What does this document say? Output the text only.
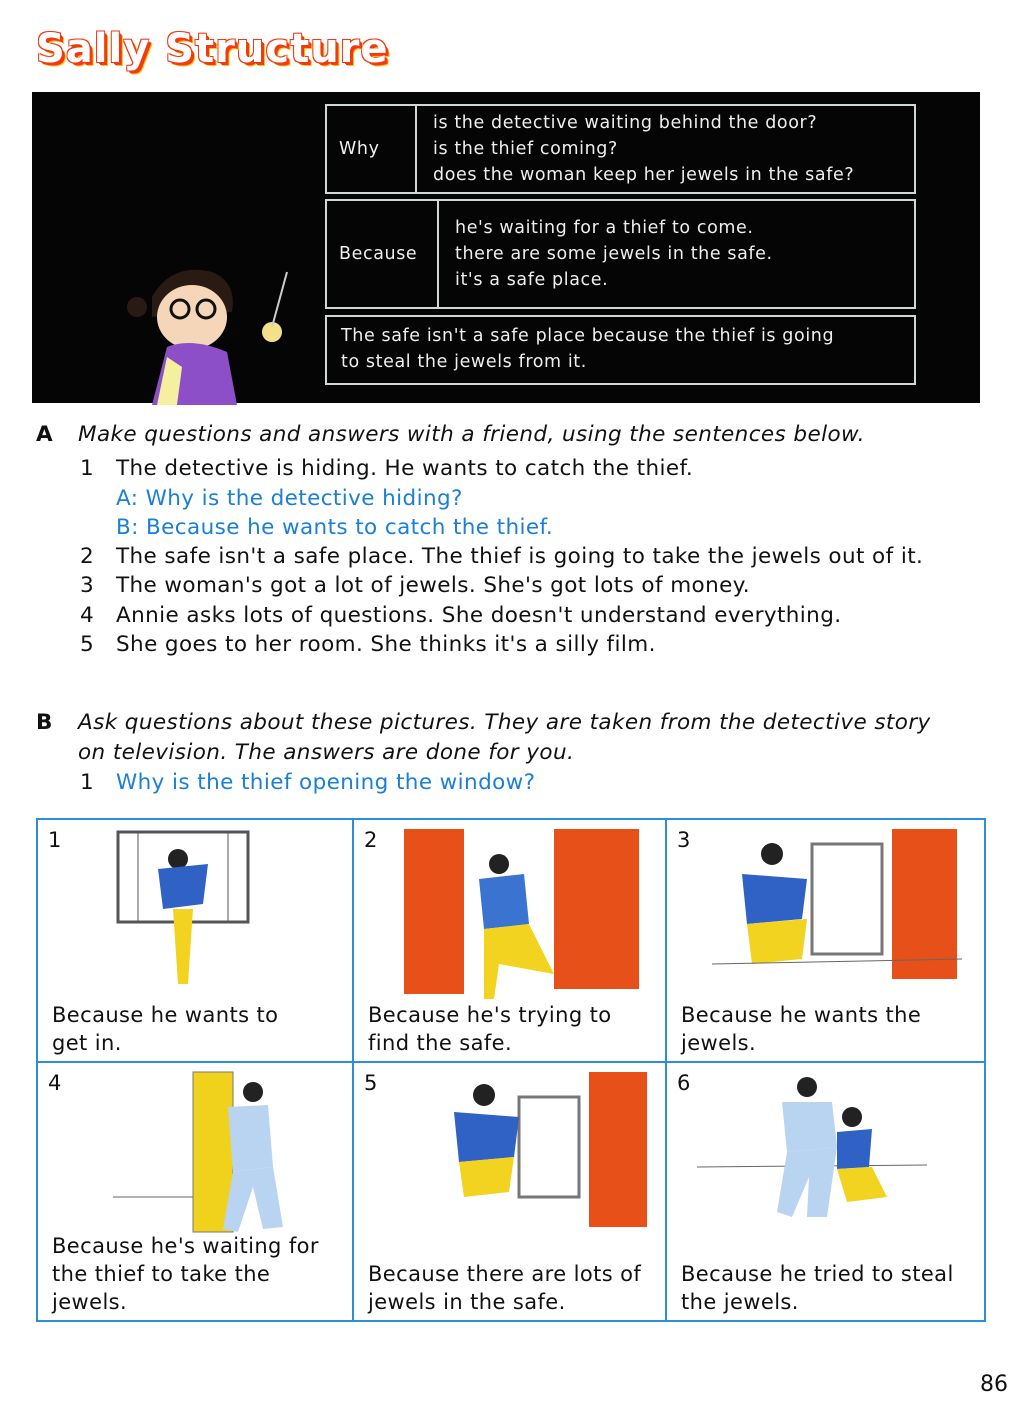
Sally Structure
Why
is the detective waiting behind the door?
is the thief coming?
does the woman keep her jewels in the safe?
Because
he's waiting for a thief to come.
there are some jewels in the safe.
it's a safe place.
The safe isn't a safe place because the thief is going
to steal the jewels from it.
A Make questions and answers with a friend, using the sentences below.
1	The detective is hiding. He wants to catch the thief.
A: Why is the detective hiding?
B: Because he wants to catch the thief.
2	The safe isn't a safe place. The thief is going to take the jewels out of it.
3	The woman's got a lot of jewels. She's got lots of money.
4	Annie asks lots of questions. She doesn't understand everything.
5	She goes to her room. She thinks it's a silly film.
B Ask questions about these pictures. They are taken from the detective story
on television. The answers are done for you.
1	Why is the thief opening the window?
1
Because he wants to
get in.
2
Because he's trying to
find the safe.
3
Because he wants the
jewels.
4
Because he's waiting for
the thief to take the
jewels.
5
Because there are lots of
jewels in the safe.
6
Because he tried to steal
the jewels.
86
